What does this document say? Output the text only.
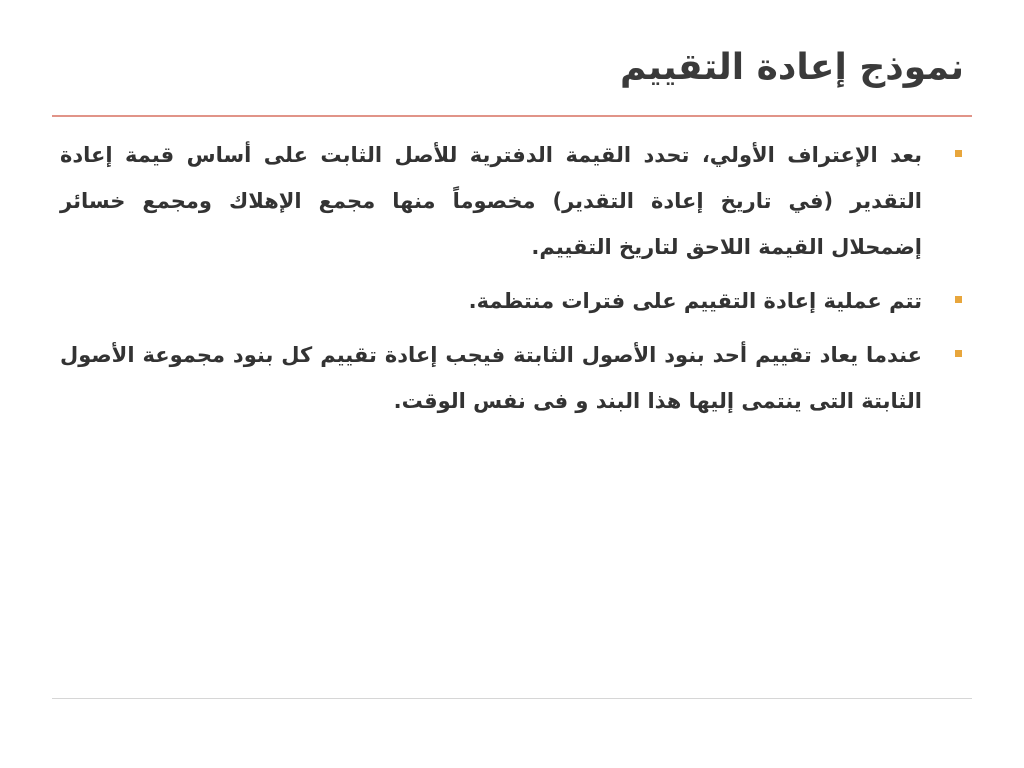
نموذج إعادة التقييم
بعد الإعتراف الأولي، تحدد القيمة الدفترية للأصل الثابت على أساس قيمة إعادة التقدير (في تاريخ إعادة التقدير) مخصوماً منها مجمع الإهلاك ومجمع خسائر إضمحلال القيمة اللاحق لتاريخ التقييم.
تتم عملية إعادة التقييم على فترات منتظمة.
عندما يعاد تقييم أحد بنود الأصول الثابتة فيجب إعادة تقييم كل بنود مجموعة الأصول الثابتة التى ينتمى إليها هذا البند و فى نفس الوقت.
